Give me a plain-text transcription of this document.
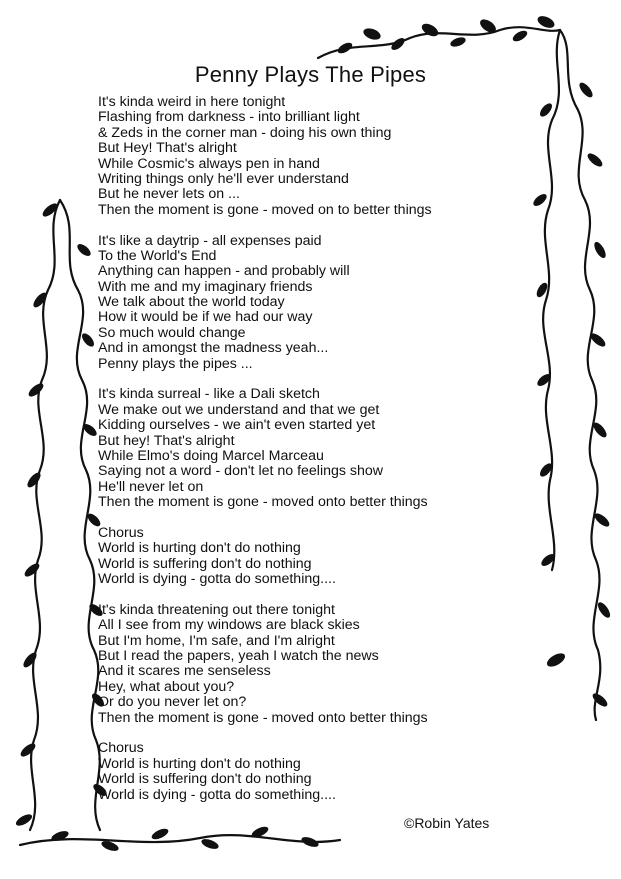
Penny Plays The Pipes
It's kinda weird in here tonight
Flashing from darkness - into brilliant light
& Zeds in the corner man - doing his own thing
But Hey! That's alright
While Cosmic's always pen in hand
Writing things only he'll ever understand
But he never lets on ...
Then the moment is gone - moved on to better things
It's like a daytrip - all expenses paid
To the World's End
Anything can happen - and probably will
With me and my imaginary friends
We talk about the world today
How it would be if we had our way
So much would change
And in amongst the madness yeah...
Penny plays the pipes ...
It's kinda surreal - like a Dali sketch
We make out we understand and that we get
Kidding ourselves - we ain't even started yet
But hey! That's alright
While Elmo's doing Marcel Marceau
Saying not a word - don't let no feelings show
He'll never let on
Then the moment is gone - moved onto better things
Chorus
World is hurting don't do nothing
World is suffering don't do nothing
World is dying - gotta do something....
It's kinda threatening out there tonight
All I see from my windows are black skies
But I'm home, I'm safe, and I'm alright
But I read the papers, yeah I watch the news
And it scares me senseless
Hey, what about you?
Or do you never let on?
Then the moment is gone - moved onto better things
Chorus
World is hurting don't do nothing
World is suffering don't do nothing
World is dying - gotta do something....
©Robin Yates
